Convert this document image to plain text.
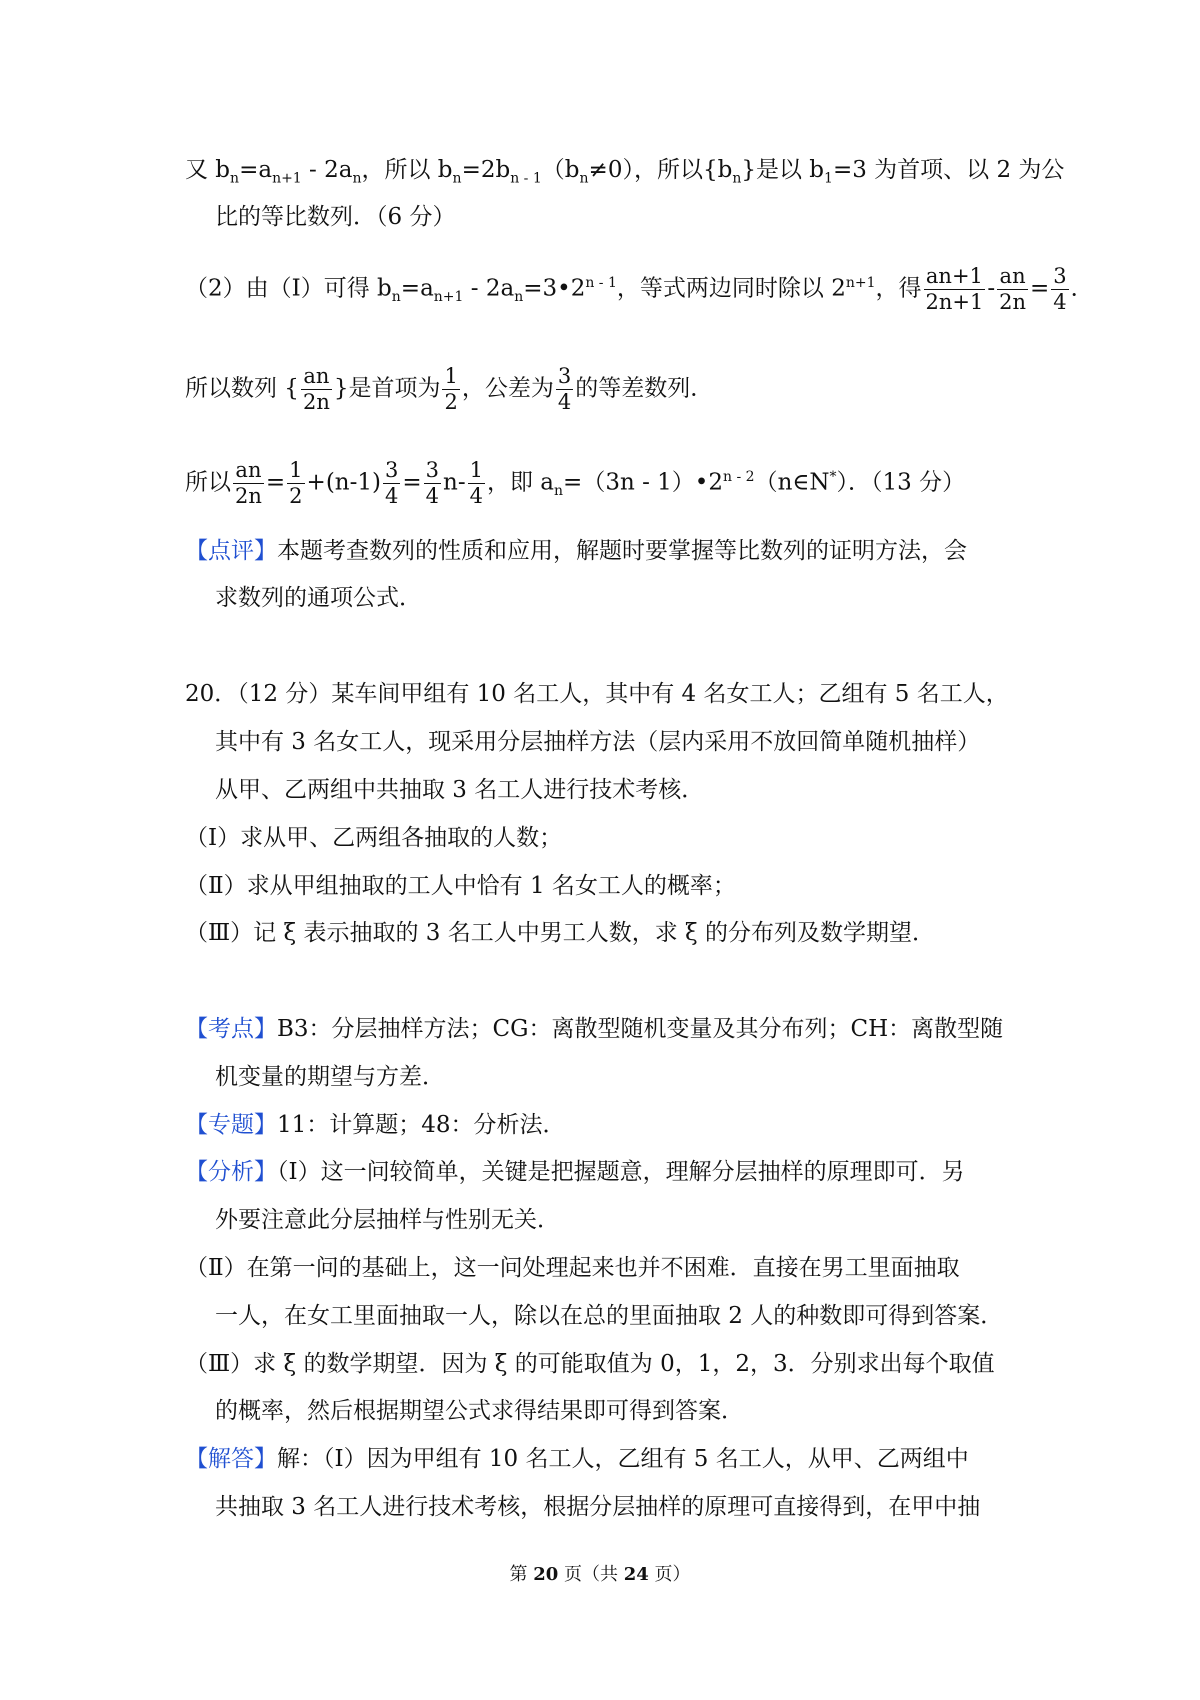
又 $b_n=a_{n+1} - 2a_n$，所以 $b_n=2b_{n - 1}(b_n\ne 0)$，所以$\{b_n\}$是以 $b_1=3$ 为首项、以 2 为公
比的等比数列．（6 分）
（2）由（I）可得 $b_n=a_{n+1}$ - $2a_n=3•2^{n - 1}$，等式两边同时除以 $2^{n+1}$，得 $\frac{an+1}{2n+1} - \frac{an}{2n} = \frac{3}{4}$ ．
所以数列 { $\frac{an}{2n}$ }是首项为 $\frac{1}{2}$ ，公差为 $\frac{3}{4}$ 的等差数列．
所以 $\frac{an}{2n} = \frac{1}{2} +(n-1) \frac{3}{4} = \frac{3}{4} n- \frac{1}{4}$ ，即 $a_n=(3n$ - 1）•2$^{n - 2}$（n∈N*）．（13 分）
【点评】本题考查数列的性质和应用，解题时要掌握等比数列的证明方法，会
求数列的通项公式．
20．（12 分）某车间甲组有 10 名工人，其中有 4 名女工人；乙组有 5 名工人，
其中有 3 名女工人，现采用分层抽样方法（层内采用不放回简单随机抽样）
从甲、乙两组中共抽取 3 名工人进行技术考核．
（Ⅰ）求从甲、乙两组各抽取的人数；
（Ⅱ）求从甲组抽取的工人中恰有 1 名女工人的概率；
（Ⅲ）记 ξ 表示抽取的 3 名工人中男工人数，求 ξ 的分布列及数学期望．
【考点】B3：分层抽样方法；CG：离散型随机变量及其分布列；CH：离散型随
机变量的期望与方差．
【专题】11：计算题；48：分析法．
【分析】（Ⅰ）这一问较简单，关键是把握题意，理解分层抽样的原理即可．另
外要注意此分层抽样与性别无关．
（Ⅱ）在第一问的基础上，这一问处理起来也并不困难．直接在男工里面抽取
一人，在女工里面抽取一人，除以在总的里面抽取 2 人的种数即可得到答案．
（Ⅲ）求 ξ 的数学期望．因为 ξ 的可能取值为 0，1，2，3．分别求出每个取值
的概率，然后根据期望公式求得结果即可得到答案．
【解答】解：（Ⅰ）因为甲组有 10 名工人，乙组有 5 名工人，从甲、乙两组中
共抽取 3 名工人进行技术考核，根据分层抽样的原理可直接得到，在甲中抽
第 20 页（共 24 页）
